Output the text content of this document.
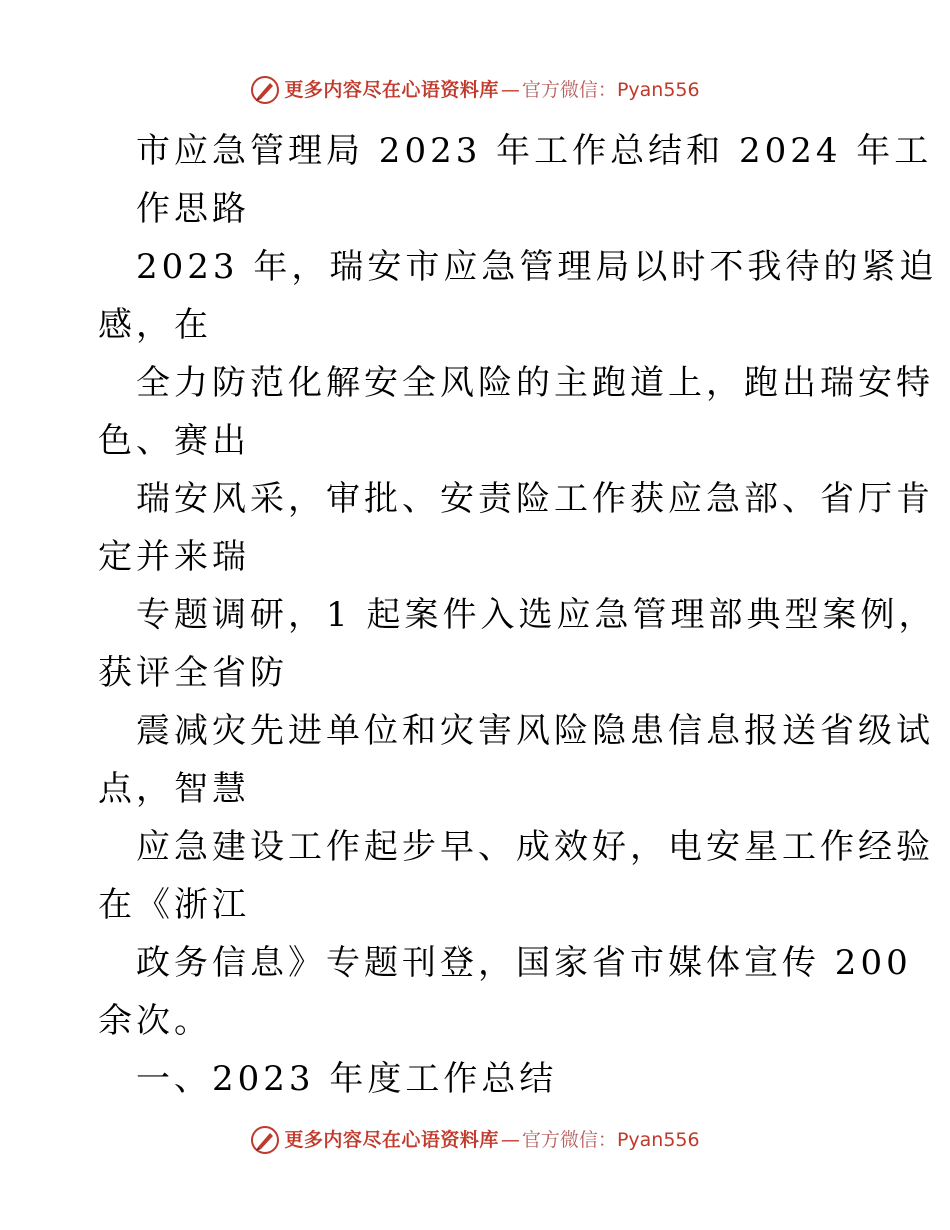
更多内容尽在心语资料库 — 官方微信： Pyan556
市应急管理局 2023 年工作总结和 2024 年工
作思路
2023 年，瑞安市应急管理局以时不我待的紧迫
感，在
全力防范化解安全风险的主跑道上，跑出瑞安特
色、赛出
瑞安风采，审批、安责险工作获应急部、省厅肯
定并来瑞
专题调研，1 起案件入选应急管理部典型案例，
获评全省防
震减灾先进单位和灾害风险隐患信息报送省级试
点，智慧
应急建设工作起步早、成效好，电安星工作经验
在《浙江
政务信息》专题刊登，国家省市媒体宣传 200
余次。
一、2023 年度工作总结
更多内容尽在心语资料库 — 官方微信： Pyan556
